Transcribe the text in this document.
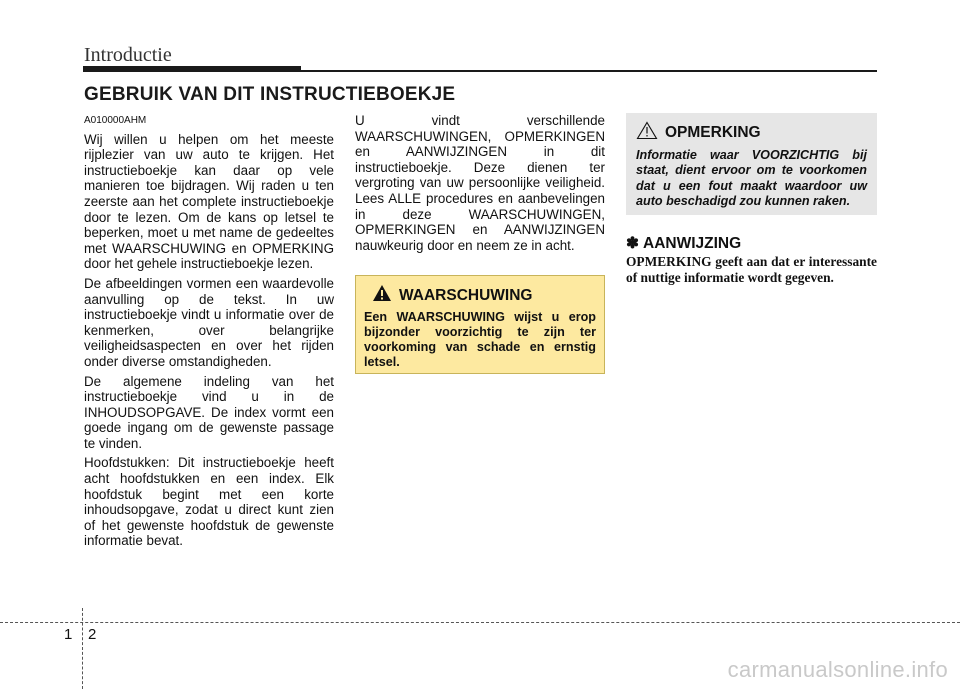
Introductie
GEBRUIK VAN DIT INSTRUCTIEBOEKJE

A010000AHM

Wij willen u helpen om het meeste rijplezier van uw auto te krijgen. Het instructieboekje kan daar op vele manieren toe bijdragen. Wij raden u ten zeerste aan het complete instructieboekje door te lezen. Om de kans op letsel te beperken, moet u met name de gedeeltes met WAARSCHUWING en OPMERKING door het gehele instructieboekje lezen.

De afbeeldingen vormen een waardevolle aanvulling op de tekst. In uw instructieboekje vindt u informatie over de kenmerken, over belangrijke veiligheidsaspecten en over het rijden onder diverse omstandigheden.

De algemene indeling van het instructieboekje vind u in de INHOUDSOPGAVE. De index vormt een goede ingang om de gewenste passage te vinden.

Hoofdstukken: Dit instructieboekje heeft acht hoofdstukken en een index. Elk hoofdstuk begint met een korte inhoudsopgave, zodat u direct kunt zien of het gewenste hoofdstuk de gewenste informatie bevat.

U vindt verschillende WAARSCHUWINGEN, OPMERKINGEN en AANWIJZINGEN in dit instructieboekje. Deze dienen ter vergroting van uw persoonlijke veiligheid. Lees ALLE procedures en aanbevelingen in deze WAARSCHUWINGEN, OPMERKINGEN en AANWIJZINGEN nauwkeurig door en neem ze in acht.

WAARSCHUWING
Een WAARSCHUWING wijst u erop bijzonder voorzichtig te zijn ter voorkoming van schade en ernstig letsel.
OPMERKING
Informatie waar VOORZICHTIG bij staat, dient ervoor om te voorkomen dat u een fout maakt waardoor uw auto beschadigd zou kunnen raken.
✽ AANWIJZING
OPMERKING geeft aan dat er interessante of nuttige informatie wordt gegeven.
1 2
carmanualsonline.info
